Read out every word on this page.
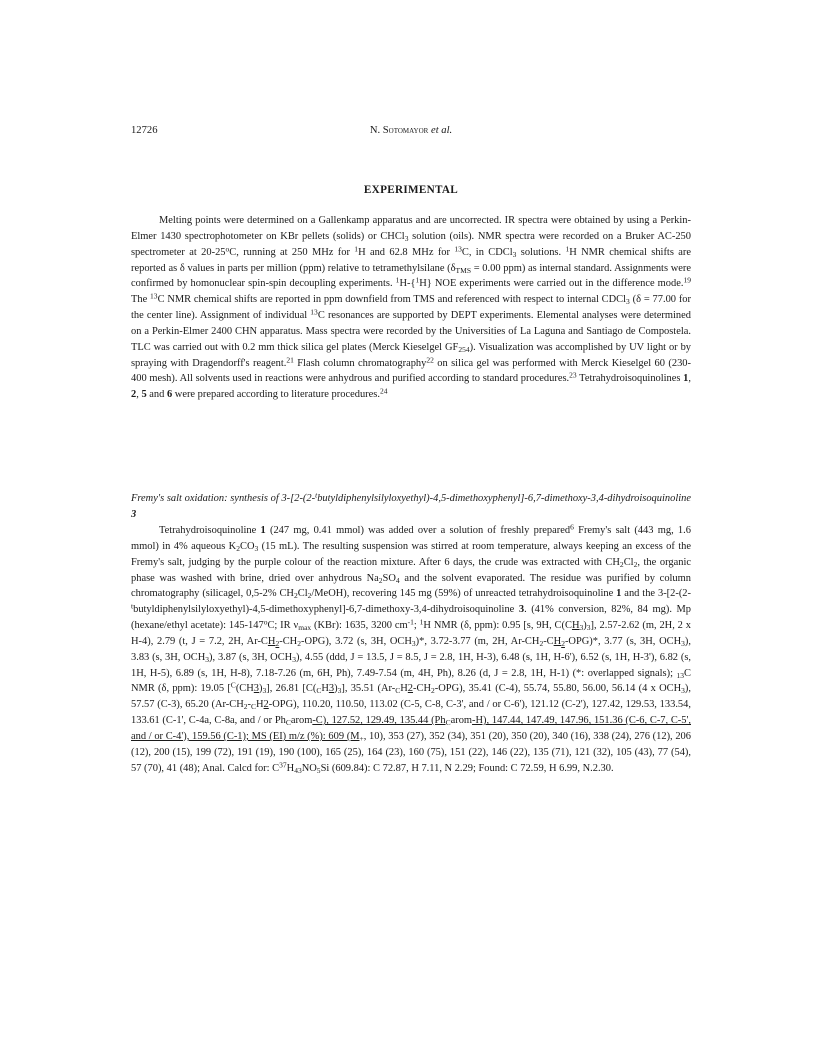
12726	N. Sotomayor et al.
EXPERIMENTAL
Melting points were determined on a Gallenkamp apparatus and are uncorrected. IR spectra were obtained by using a Perkin-Elmer 1430 spectrophotometer on KBr pellets (solids) or CHCl$_3$ solution (oils). NMR spectra were recorded on a Bruker AC-250 spectrometer at 20-25$^o$C, running at 250 MHz for $^1$H and 62.8 MHz for $^{13}$C, in CDCl$_3$ solutions. $^1$H NMR chemical shifts are reported as δ values in parts per million (ppm) relative to tetramethylsilane ($\delta_{TMS} = 0.00$ ppm) as internal standard. Assignments were confirmed by homonuclear spin-spin decoupling experiments. $^1$H-{$^1$H} NOE experiments were carried out in the difference mode.$^{19}$ The $^{13}$C NMR chemical shifts are reported in ppm downfield from TMS and referenced with respect to internal CDCl$_3$ (δ = 77.00 for the center line). Assignment of individual $^{13}$C resonances are supported by DEPT experiments. Elemental analyses were determined on a Perkin-Elmer 2400 CHN apparatus. Mass spectra were recorded by the Universities of La Laguna and Santiago de Compostela. TLC was carried out with 0.2 mm thick silica gel plates (Merck Kieselgel $GF_{254}$). Visualization was accomplished by UV light or by spraying with Dragendorff's reagent.$^{21}$ Flash column chromatography$^{22}$ on silica gel was performed with Merck Kieselgel 60 (230-400 mesh). All solvents used in reactions were anhydrous and purified according to standard procedures.$^{23}$ Tetrahydroisoquinolines 1, 2, 5 and 6 were prepared according to literature procedures.$^{24}$
Fremy's salt oxidation: synthesis of 3-[2-(2-$^t$butyldiphenylsilyloxyethyl)-4,5-dimethoxyphenyl]-6,7-dimethoxy-3,4-dihydroisoquinoline 3
Tetrahydroisoquinoline 1 (247 mg, 0.41 mmol) was added over a solution of freshly prepared$^6$ Fremy's salt (443 mg, 1.6 mmol) in 4% aqueous $K_2CO_3$ (15 mL). The resulting suspension was stirred at room temperature, always keeping an excess of the Fremy's salt, judging by the purple colour of the reaction mixture. After 6 days, the crude was extracted with $CH_2Cl_2$, the organic phase was washed with brine, dried over anhydrous $Na_2SO_4$ and the solvent evaporated. The residue was purified by column chromatography (silicagel, 0,5-2% $CH_2Cl_2/MeOH$), recovering 145 mg (59%) of unreacted tetrahydroisoquinoline 1 and the 3-[2-(2-$^t$butyldiphenylsilyloxyethyl)-4,5-dimethoxyphenyl]-6,7-dimethoxy-3,4-dihydroisoquinoline 3. (41% conversion, 82%, 84 mg). Mp (hexane/ethyl acetate): 145-147$^o$C; IR $\nu_{max}$ (KBr): 1635, 3200 $cm^{-1}$; $^1$H NMR (δ, ppm): 0.95 [s, 9H, $C(CH_3)_3$], 2.57-2.62 (m, 2H, 2 x H-4), 2.79 (t, J = 7.2, 2H, $Ar-CH_2-CH_2-OPG$), 3.72 (s, 3H, $OCH_3)*$, 3.72-3.77 (m, 2H, $Ar-CH_2-CH_2-OPG)*$, 3.77 (s, 3H, $OCH_3$), 3.83 (s, 3H, $OCH_3$), 3.87 (s, 3H, $OCH_3$), 4.55 (ddd, J = 13.5, J = 8.5, J = 2.8, 1H, H-3), 6.48 (s, 1H, H-6'), 6.52 (s, 1H, H-3'), 6.82 (s, 1H, H-5), 6.89 (s, 1H, H-8), 7.18-7.26 (m, 6H, Ph), 7.49-7.54 (m, 4H, Ph), 8.26 (d, J = 2.8, 1H, H-1) (*: overlapped signals); $_{13}$C NMR (δ, ppm): 19.05 $[^C(CH3)_3]$, 26.81 $[C(_CH3)_3]$, 35.51 $(Ar-_CH2-CH_2-OPG)$, 35.41 (C-4), 55.74, 55.80, 56.00, 56.14 (4 x $OCH_3$), 57.57 (C-3), 65.20 $(Ar-CH_2-_CH2-OPG)$, 110.20, 110.50, 113.02 (C-5, C-8, C-3', and / or C-6'), 121.12 (C-2'), 127.42, 129.53, 133.54, 133.61 (C-1', C-4a, C-8a, and / or $Ph_Carom-C$), 127.52, 129.49, 135.44 $(Ph_Carom-H)$, 147.44, 147.49, 147.96, 151.36 (C-6, C-7, C-5', and / or C-4'), 159.56 (C-1); MS (EI) m/z (%): 609 ($M_+$, 10), 353 (27), 352 (34), 351 (20), 350 (20), 340 (16), 338 (24), 276 (12), 206 (12), 200 (15), 199 (72), 191 (19), 190 (100), 165 (25), 164 (23), 160 (75), 151 (22), 146 (22), 135 (71), 121 (32), 105 (43), 77 (54), 57 (70), 41 (48); Anal. Calcd for: $C^{37}H_{43}NO_5Si$ (609.84): C 72.87, H 7.11, N 2.29; Found: C 72.59, H 6.99, N.2.30.
